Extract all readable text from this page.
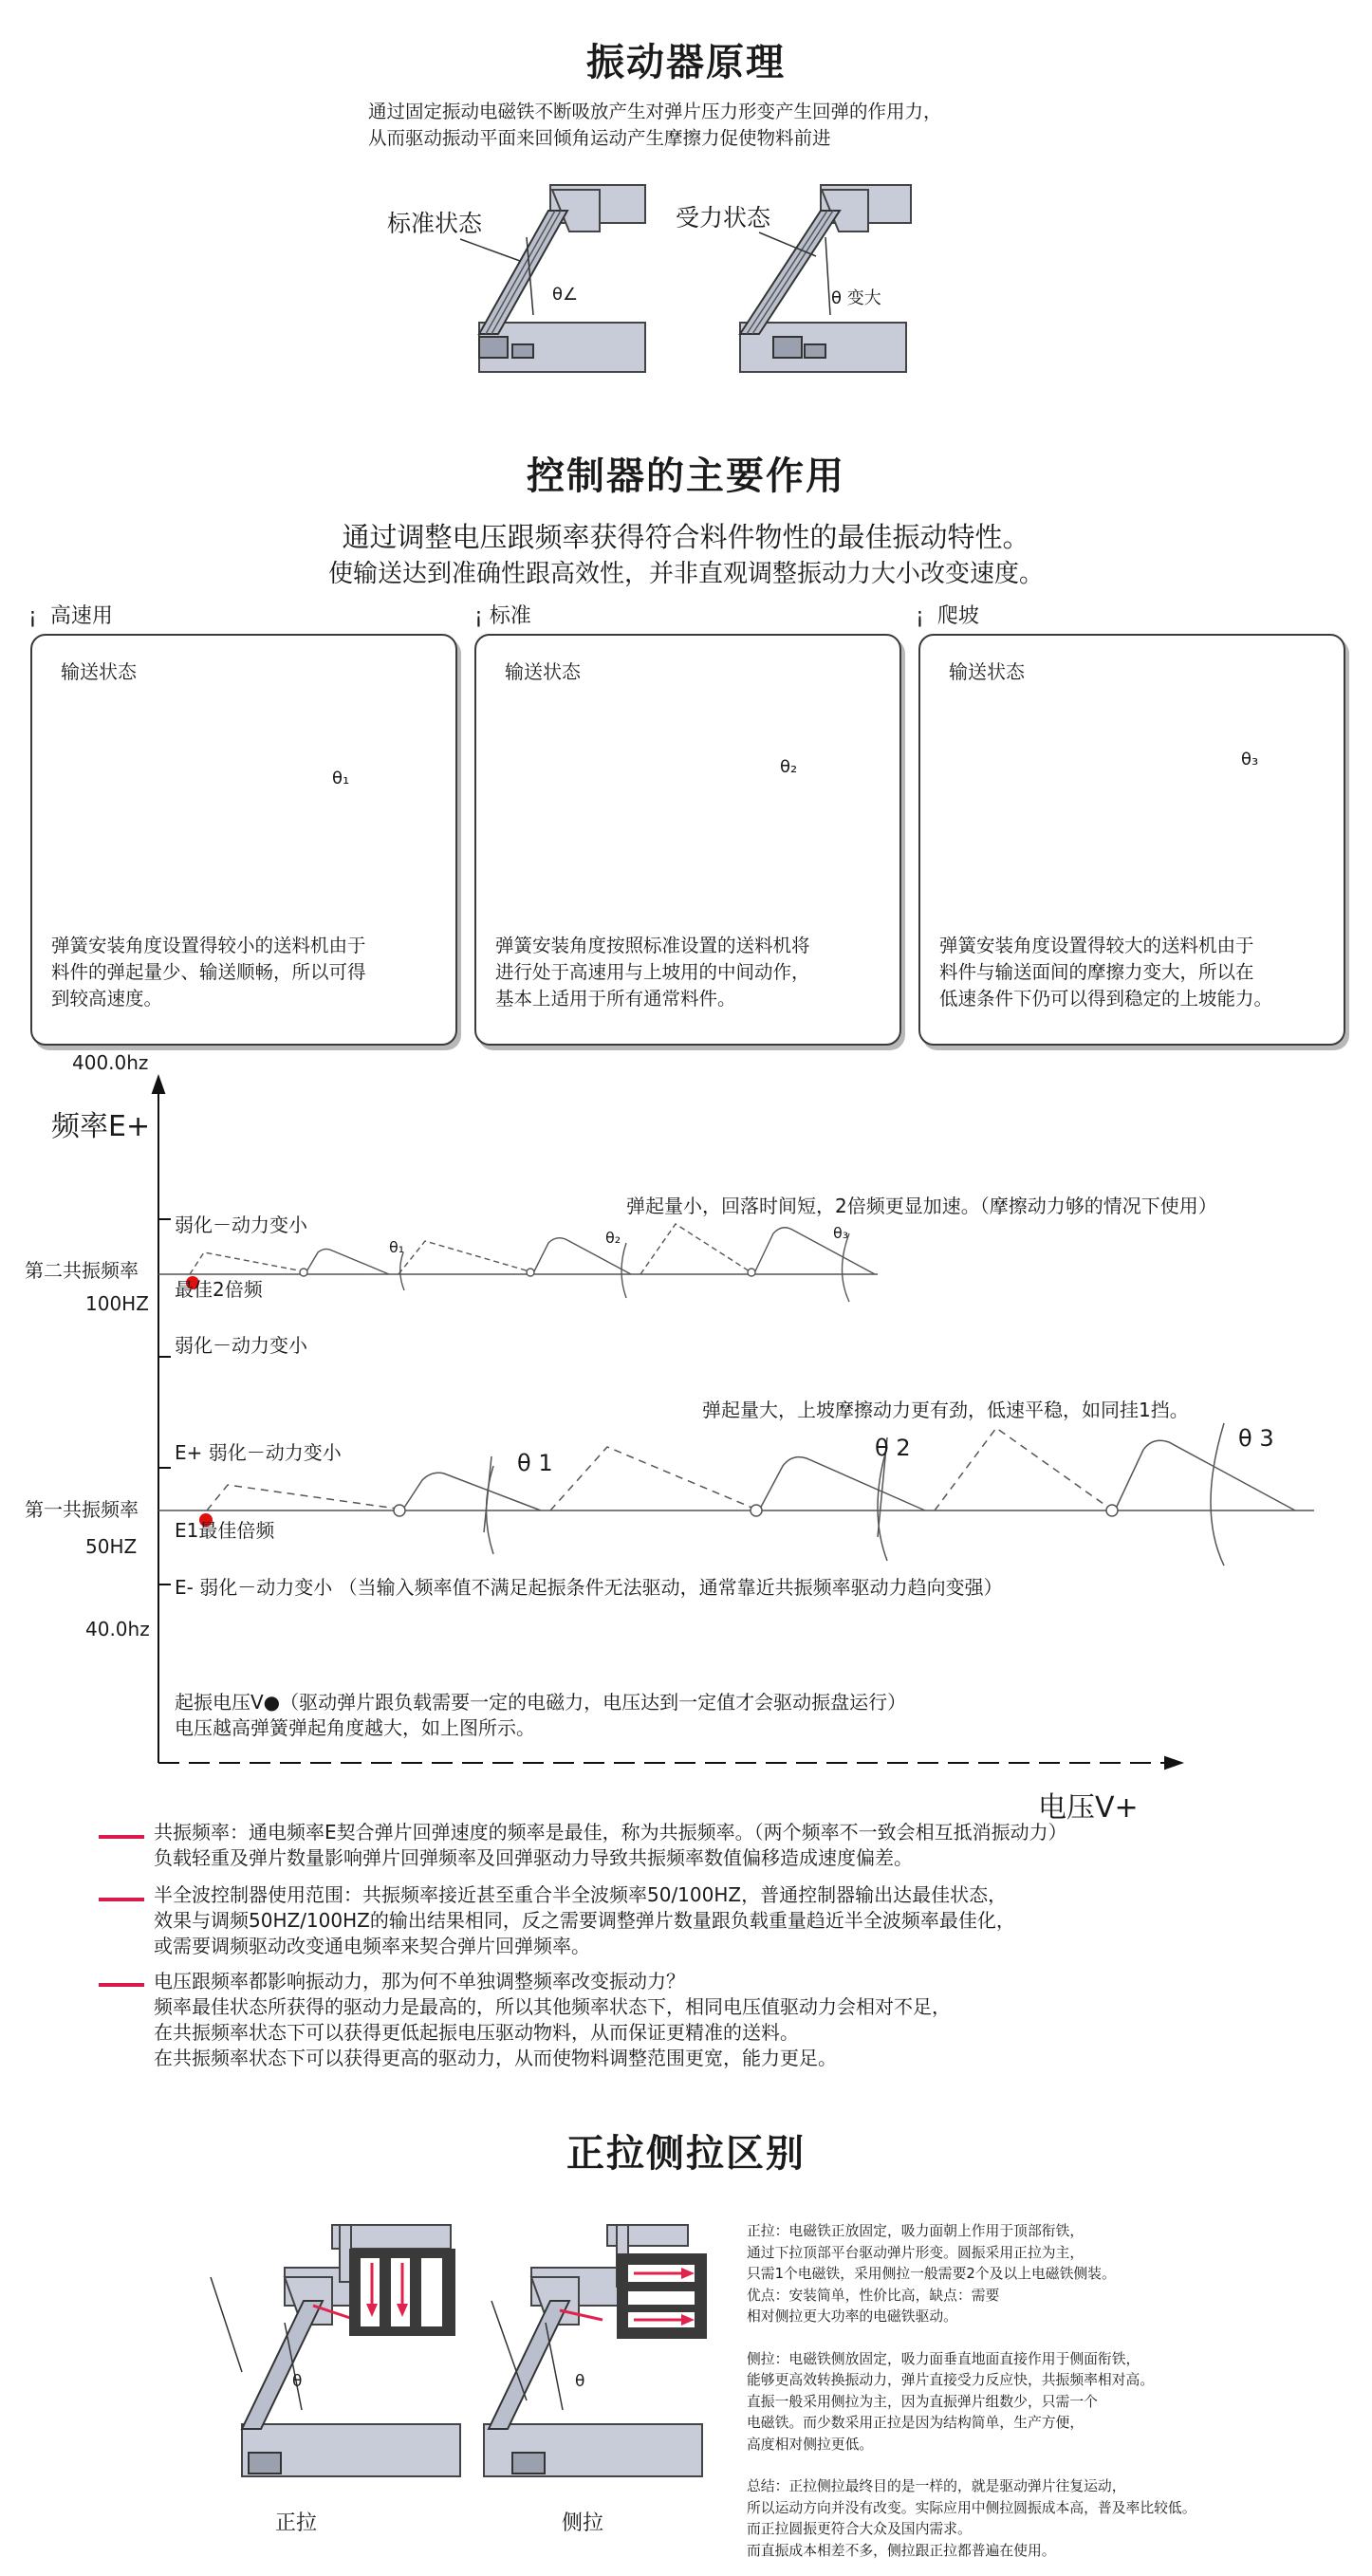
振动器原理
通过固定振动电磁铁不断吸放产生对弹片压力形变产生回弹的作用力，
从而驱动振动平面来回倾角运动产生摩擦力促使物料前进
标准状态
θ∠
受力状态
θ 变大
控制器的主要作用
通过调整电压跟频率获得符合料件物性的最佳振动特性。
使输送达到准确性跟高效性，并非直观调整振动力大小改变速度。
¡ 高速用	¡ 标准	¡ 爬坡
输送状态
θ₁
弹簧安装角度设置得较小的送料机由于
料件的弹起量少、输送顺畅，所以可得
到较高速度。
输送状态
θ₂
弹簧安装角度按照标准设置的送料机将
进行处于高速用与上坡用的中间动作，
基本上适用于所有通常料件。
输送状态
θ₃
弹簧安装角度设置得较大的送料机由于
料件与输送面间的摩擦力变大，所以在
低速条件下仍可以得到稳定的上坡能力。
400.0hz
频率E+
弱化－动力变小
第二共振频率
最佳2倍频
100HZ
弱化－动力变小
弹起量小，回落时间短，2倍频更显加速。（摩擦动力够的情况下使用）
θ₁
θ₂	θ₃
弹起量大，上坡摩擦动力更有劲，低速平稳，如同挂1挡。
E+ 弱化－动力变小	θ 1
θ 2	θ 3
第一共振频率
E1最佳倍频
50HZ
E- 弱化－动力变小 （当输入频率值不满足起振条件无法驱动，通常靠近共振频率驱动力趋向变强）
40.0hz
起振电压V●（驱动弹片跟负载需要一定的电磁力，电压达到一定值才会驱动振盘运行）
电压越高弹簧弹起角度越大，如上图所示。
电压V+
共振频率：通电频率E契合弹片回弹速度的频率是最佳，称为共振频率。（两个频率不一致会相互抵消振动力）
负载轻重及弹片数量影响弹片回弹频率及回弹驱动力导致共振频率数值偏移造成速度偏差。
半全波控制器使用范围：共振频率接近甚至重合半全波频率50/100HZ，普通控制器输出达最佳状态，
效果与调频50HZ/100HZ的输出结果相同，反之需要调整弹片数量跟负载重量趋近半全波频率最佳化，
或需要调频驱动改变通电频率来契合弹片回弹频率。
电压跟频率都影响振动力，那为何不单独调整频率改变振动力？
频率最佳状态所获得的驱动力是最高的，所以其他频率状态下，相同电压值驱动力会相对不足，
在共振频率状态下可以获得更低起振电压驱动物料，从而保证更精准的送料。
在共振频率状态下可以获得更高的驱动力，从而使物料调整范围更宽，能力更足。
正拉侧拉区别
正拉	侧拉
θ	θ
正拉：电磁铁正放固定，吸力面朝上作用于顶部衔铁，
通过下拉顶部平台驱动弹片形变。圆振采用正拉为主，
只需1个电磁铁，采用侧拉一般需要2个及以上电磁铁侧装。
优点：安装简单，性价比高，缺点：需要
相对侧拉更大功率的电磁铁驱动。
侧拉：电磁铁侧放固定，吸力面垂直地面直接作用于侧面衔铁，
能够更高效转换振动力，弹片直接受力反应快，共振频率相对高。
直振一般采用侧拉为主，因为直振弹片组数少，只需一个
电磁铁。而少数采用正拉是因为结构简单，生产方便，
高度相对侧拉更低。
总结：正拉侧拉最终目的是一样的，就是驱动弹片往复运动，
所以运动方向并没有改变。实际应用中侧拉圆振成本高，普及率比较低。
而正拉圆振更符合大众及国内需求。
而直振成本相差不多，侧拉跟正拉都普遍在使用。
